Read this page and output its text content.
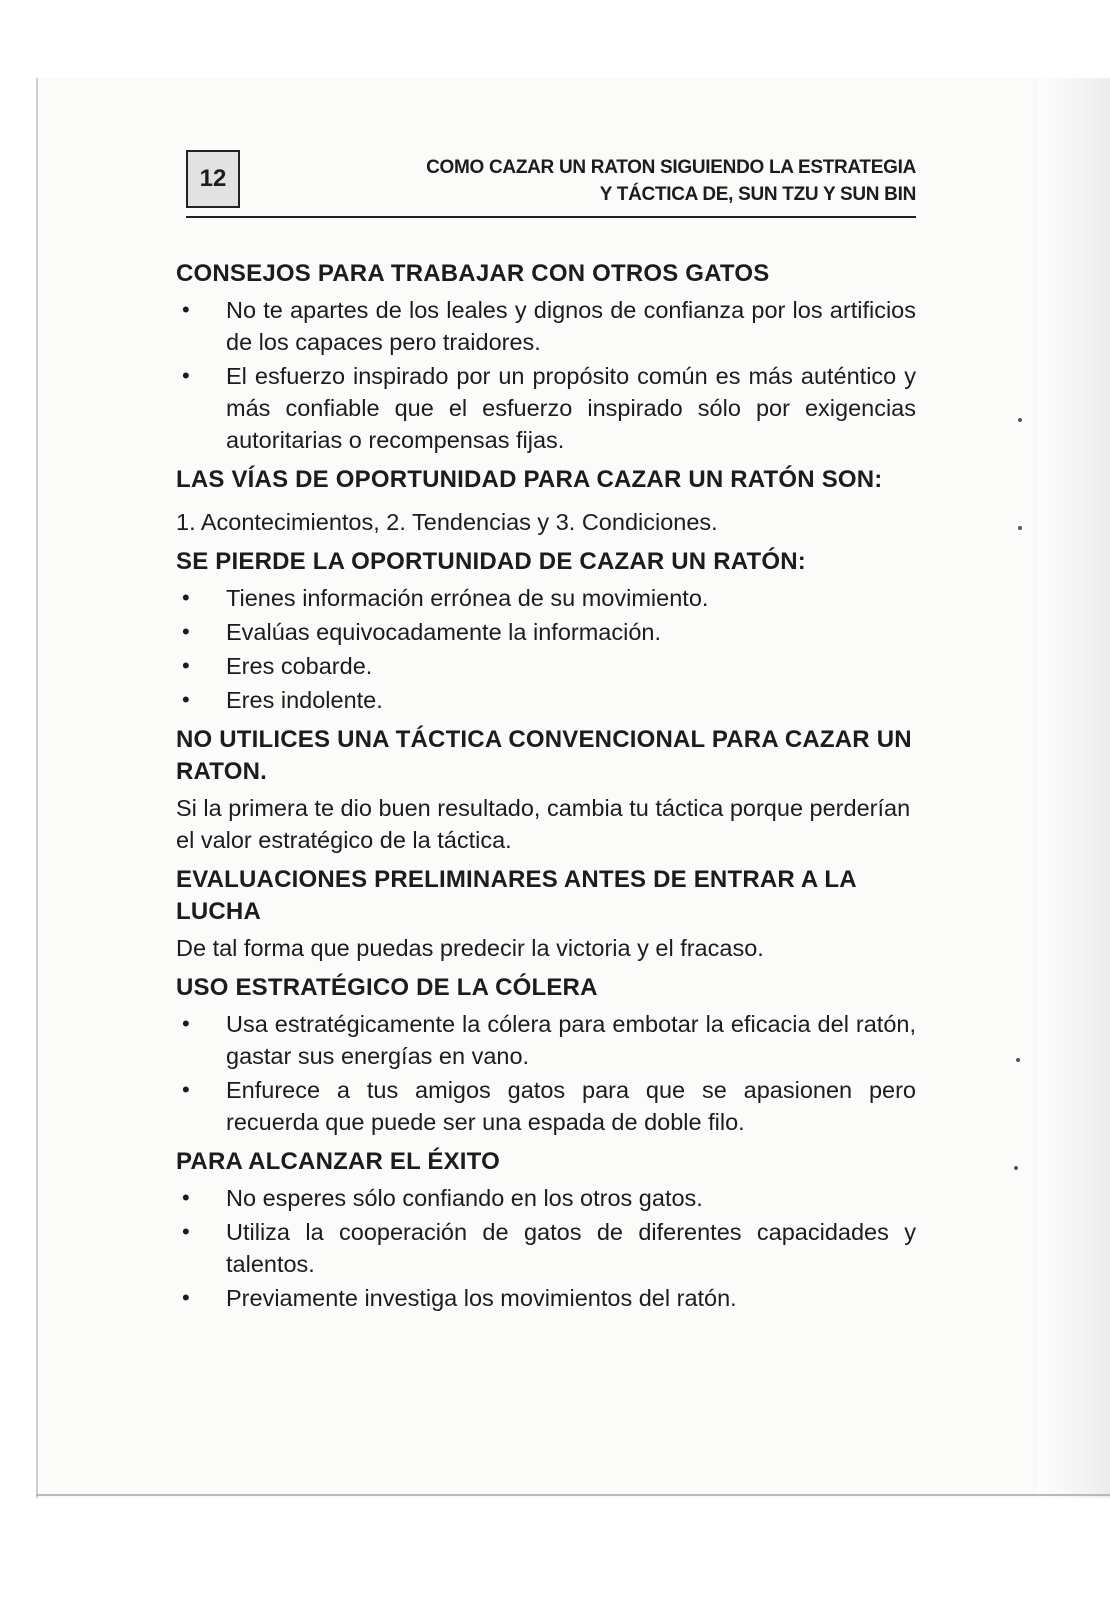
12	COMO CAZAR UN RATON SIGUIENDO LA ESTRATEGIA
Y TÁCTICA DE, SUN TZU Y SUN BIN
CONSEJOS PARA TRABAJAR CON OTROS GATOS
• No te apartes de los leales y dignos de confianza por los artificios de los capaces pero traidores.
• El esfuerzo inspirado por un propósito común es más auténtico y más confiable que el esfuerzo inspirado sólo por exigencias autoritarias o recompensas fijas.
LAS VÍAS DE OPORTUNIDAD PARA CAZAR UN RATÓN SON:

1. Acontecimientos, 2. Tendencias y 3. Condiciones.

SE PIERDE LA OPORTUNIDAD DE CAZAR UN RATÓN:
• Tienes información errónea de su movimiento.
• Evalúas equivocadamente la información.
• Eres cobarde.
• Eres indolente.
NO UTILICES UNA TÁCTICA CONVENCIONAL PARA CAZAR UN RATON.

Si la primera te dio buen resultado, cambia tu táctica porque perderían el valor estratégico de la táctica.

EVALUACIONES PRELIMINARES ANTES DE ENTRAR A LA LUCHA

De tal forma que puedas predecir la victoria y el fracaso.

USO ESTRATÉGICO DE LA CÓLERA
• Usa estratégicamente la cólera para embotar la eficacia del ratón, gastar sus energías en vano.
• Enfurece a tus amigos gatos para que se apasionen pero recuerda que puede ser una espada de doble filo.
PARA ALCANZAR EL ÉXITO
• No esperes sólo confiando en los otros gatos.
• Utiliza la cooperación de gatos de diferentes capacidades y talentos.
• Previamente investiga los movimientos del ratón.
